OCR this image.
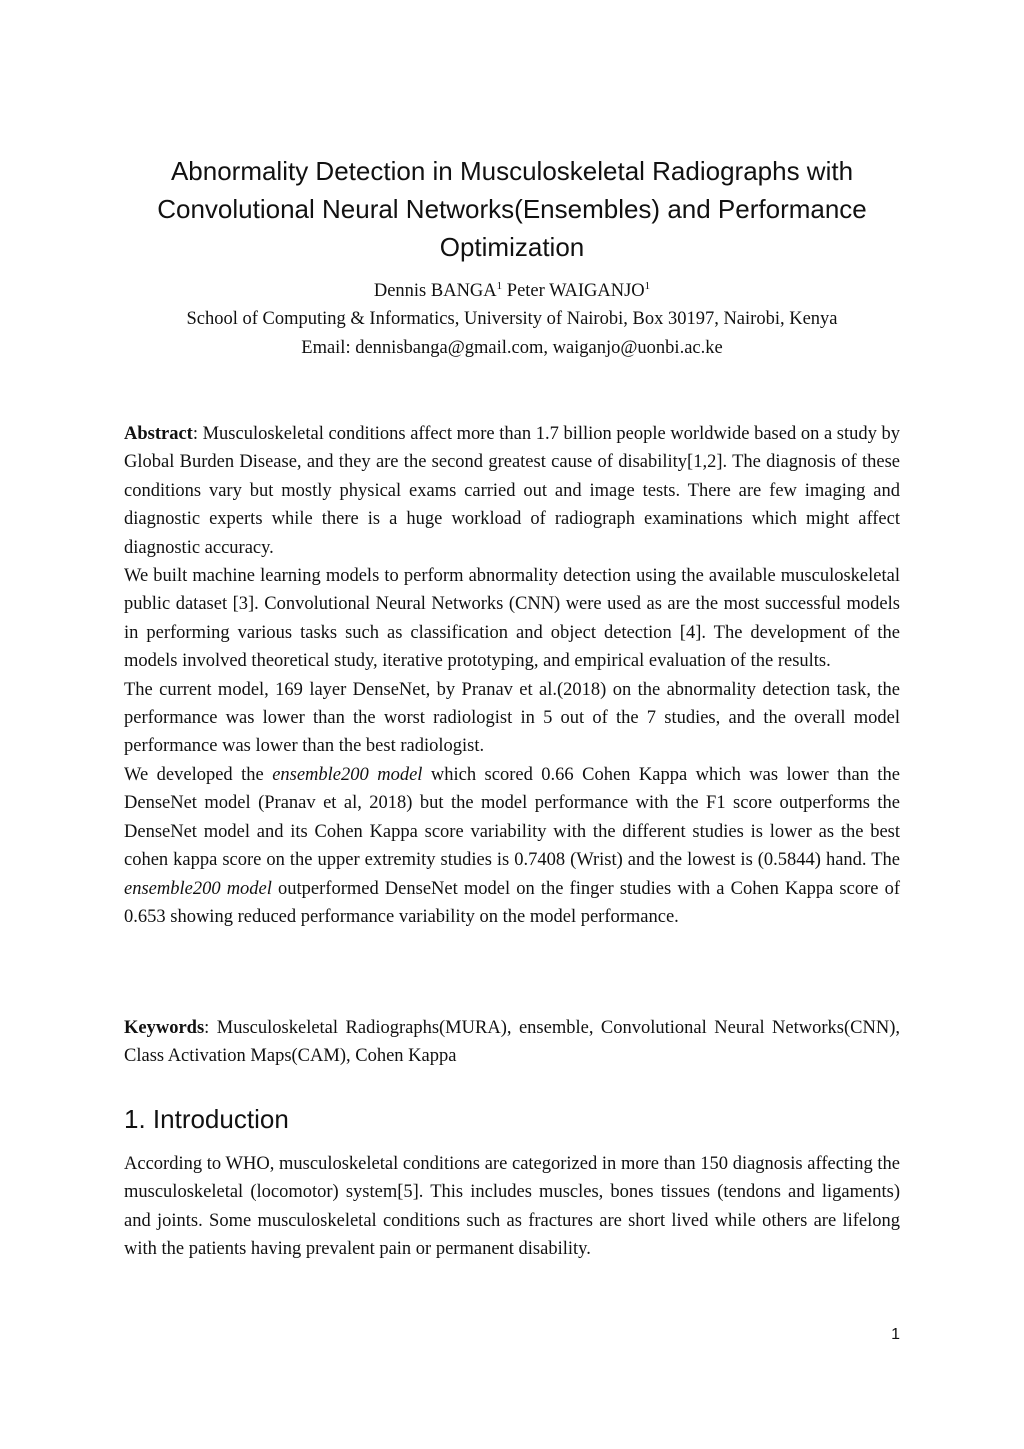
Abnormality Detection in Musculoskeletal Radiographs with
Convolutional Neural Networks(Ensembles) and Performance
Optimization
Dennis BANGA$^1$ Peter WAIGANJO$^1$
School of Computing & Informatics, University of Nairobi, Box 30197, Nairobi, Kenya
Email: dennisbanga@gmail.com, waiganjo@uonbi.ac.ke

Abstract: Musculoskeletal conditions affect more than 1.7 billion people worldwide based on a study by Global Burden Disease, and they are the second greatest cause of disability[1,2]. The diagnosis of these conditions vary but mostly physical exams carried out and image tests. There are few imaging and diagnostic experts while there is a huge workload of radiograph examinations which might affect diagnostic accuracy.

We built machine learning models to perform abnormality detection using the available musculoskeletal public dataset [3]. Convolutional Neural Networks (CNN) were used as are the most successful models in performing various tasks such as classification and object detection [4]. The development of the models involved theoretical study, iterative prototyping, and empirical evaluation of the results.

The current model, 169 layer DenseNet, by Pranav et al.(2018) on the abnormality detection task, the performance was lower than the worst radiologist in 5 out of the 7 studies, and the overall model performance was lower than the best radiologist.

We developed the ensemble200 model which scored 0.66 Cohen Kappa which was lower than the DenseNet model (Pranav et al, 2018) but the model performance with the F1 score outperforms the DenseNet model and its Cohen Kappa score variability with the different studies is lower as the best cohen kappa score on the upper extremity studies is 0.7408 (Wrist) and the lowest is (0.5844) hand. The ensemble200 model outperformed DenseNet model on the finger studies with a Cohen Kappa score of 0.653 showing reduced performance variability on the model performance.

Keywords: Musculoskeletal Radiographs(MURA), ensemble, Convolutional Neural Networks(CNN), Class Activation Maps(CAM), Cohen Kappa

1. Introduction

According to WHO, musculoskeletal conditions are categorized in more than 150 diagnosis affecting the musculoskeletal (locomotor) system[5]. This includes muscles, bones tissues (tendons and ligaments) and joints. Some musculoskeletal conditions such as fractures are short lived while others are lifelong with the patients having prevalent pain or permanent disability.

1
